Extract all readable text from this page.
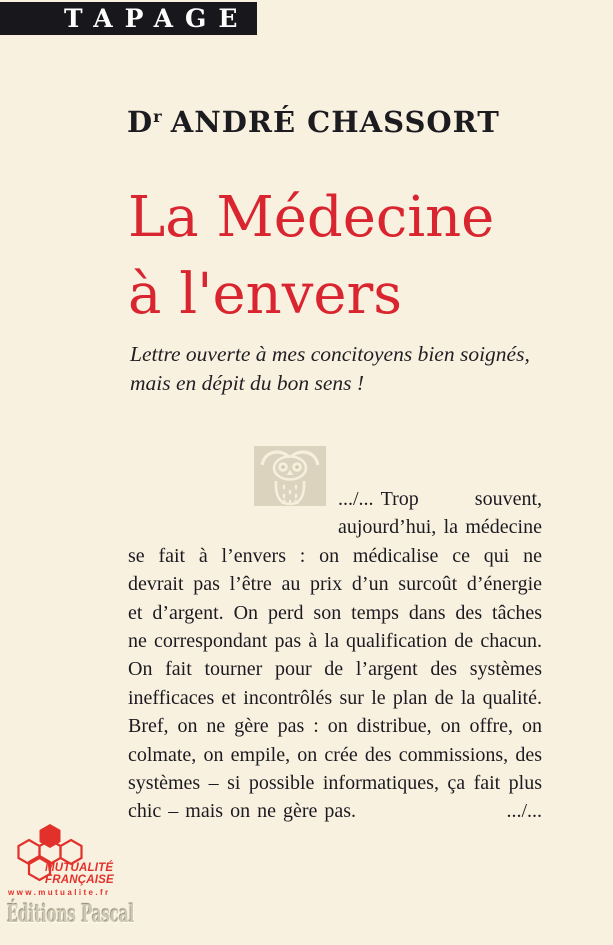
TAPAGE
$D^r$ ANDRÉ CHASSORT
La Médecine
à l'envers
Lettre ouverte à mes concitoyens bien soignés,
mais en dépit du bon sens !

.../... Trop souvent, aujourd’hui, la médecine se fait à l’envers : on médicalise ce qui ne devrait pas l’être au prix d’un surcoût d’énergie et d’argent. On perd son temps dans des tâches ne correspondant pas à la qualification de chacun. On fait tourner pour de l’argent des systèmes inefficaces et incontrôlés sur le plan de la qualité. Bref, on ne gère pas : on distribue, on offre, on colmate, on empile, on crée des commissions, des systèmes – si possible informatiques, ça fait plus chic – mais on ne gère pas.	.../...

MUTUALITÉ
FRANÇAISE
www.mutualite.fr
Éditions Pascal
